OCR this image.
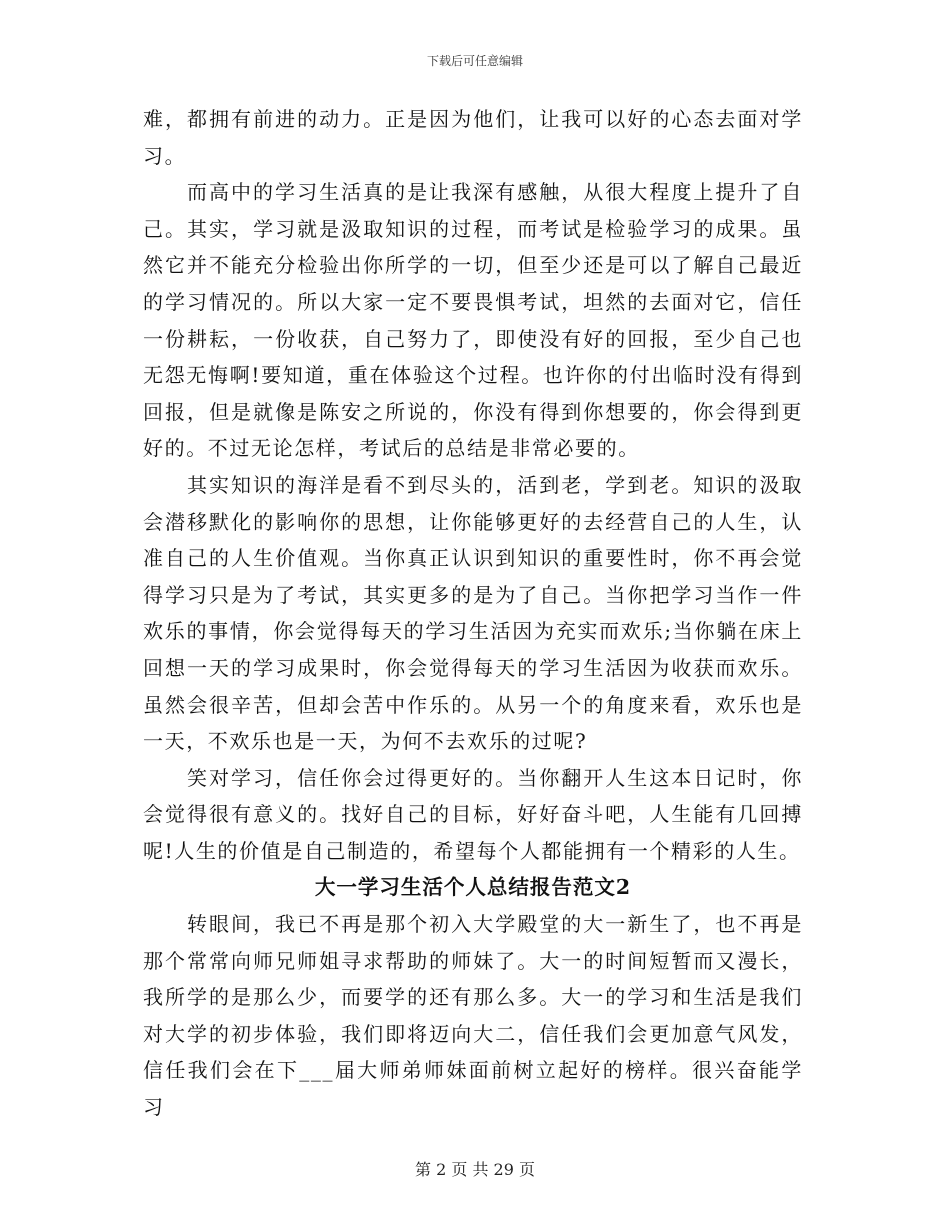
下载后可任意编辑

难，都拥有前进的动力。正是因为他们，让我可以好的心态去面对学习。

而高中的学习生活真的是让我深有感触，从很大程度上提升了自己。其实，学习就是汲取知识的过程，而考试是检验学习的成果。虽然它并不能充分检验出你所学的一切，但至少还是可以了解自己最近的学习情况的。所以大家一定不要畏惧考试，坦然的去面对它，信任一份耕耘，一份收获，自己努力了，即使没有好的回报，至少自己也无怨无悔啊!要知道，重在体验这个过程。也许你的付出临时没有得到回报，但是就像是陈安之所说的，你没有得到你想要的，你会得到更好的。不过无论怎样，考试后的总结是非常必要的。

其实知识的海洋是看不到尽头的，活到老，学到老。知识的汲取会潜移默化的影响你的思想，让你能够更好的去经营自己的人生，认准自己的人生价值观。当你真正认识到知识的重要性时，你不再会觉得学习只是为了考试，其实更多的是为了自己。当你把学习当作一件欢乐的事情，你会觉得每天的学习生活因为充实而欢乐;当你躺在床上回想一天的学习成果时，你会觉得每天的学习生活因为收获而欢乐。虽然会很辛苦，但却会苦中作乐的。从另一个的角度来看，欢乐也是一天，不欢乐也是一天，为何不去欢乐的过呢?

笑对学习，信任你会过得更好的。当你翻开人生这本日记时，你会觉得很有意义的。找好自己的目标，好好奋斗吧，人生能有几回搏呢!人生的价值是自己制造的，希望每个人都能拥有一个精彩的人生。

大一学习生活个人总结报告范文2

转眼间，我已不再是那个初入大学殿堂的大一新生了，也不再是那个常常向师兄师姐寻求帮助的师妹了。大一的时间短暂而又漫长，我所学的是那么少，而要学的还有那么多。大一的学习和生活是我们对大学的初步体验，我们即将迈向大二，信任我们会更加意气风发，信任我们会在下___届大师弟师妹面前树立起好的榜样。很兴奋能学习

第 2 页 共 29 页
